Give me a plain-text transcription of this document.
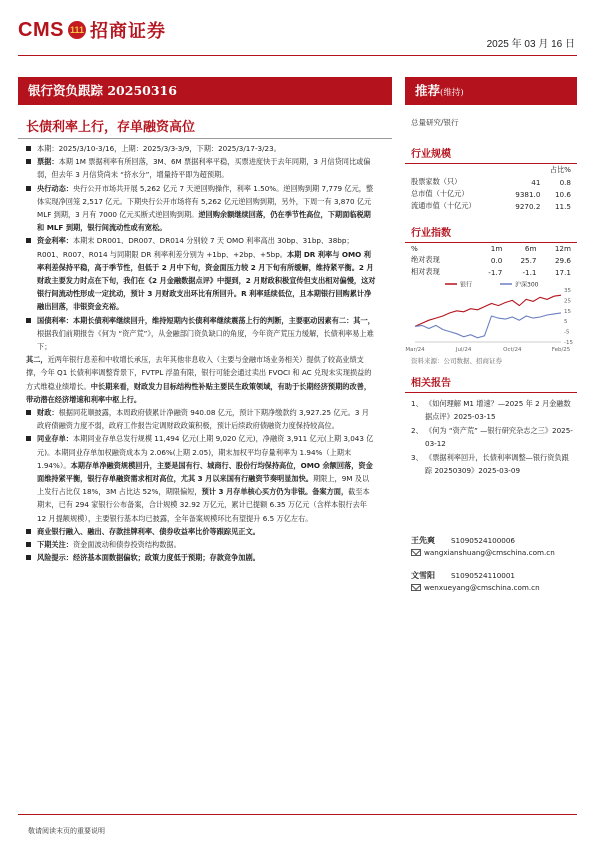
CMS 111 招商证券
2025 年 03 月 16 日
银行资负跟踪 20250316	推荐(维持)
长债利率上行，存单融资高位

本期：2025/3/10-3/16，上期：2025/3/3-3/9，下期：2025/3/17-3/23。

票据：本期 1M 票据利率有所回落，3M、6M 票据利率平稳，买票进度快于去年同期，3 月信贷同比或偏弱，但去年 3 月信贷尚未 “挤水分”，增量持平即为超预期。

央行动态：央行公开市场共开展 5,262 亿元 7 天逆回购操作，利率 1.50%。逆回购到期 7,779 亿元，整体实现净回笼 2,517 亿元。下期央行公开市场将有 5,262 亿元逆回购到期，另外，下周一有 3,870 亿元 MLF 到期，3 月有 7000 亿元买断式逆回购到期。逆回购余额继续回落，仍在季节性高位，下期面临税期和 MLF 到期，银行间流动性或有宽松。

资金利率：本期末 DR001、DR007、DR014 分别较 7 天 OMO 利率高出 30bp、31bp、38bp；R001、R007、R014 与同期限 DR 利率利差分别为 +1bp、+2bp、+5bp。本期 DR 利率与 OMO 利率利差保持平稳，高于季节性，但低于 2 月中下旬，资金面压力较 2 月下旬有所缓解，维持紧平衡。2 月财政主要发力时点在下旬，我们在《2 月金融数据点评》中提到，2 月财政积极宣传但支出相对偏慢，这对银行间流动性形成一定扰动，预计 3 月财政支出环比有所回升。R 利率延续低位，且本期银行回购累计净融出回落，非银资金充裕。

国债利率：本期长债利率继续回升，维持短期内长债利率继续震荡上行的判断，主要驱动因素有二：其一，根据我们前期报告《何为 “资产荒”》，从金融部门资负缺口的角度，今年资产荒压力缓解，长债利率易上难下；

其二，近两年银行息差和中收增长承压，去年其他非息收入（主要与金融市场业务相关）提供了较高业绩支撑，今年 Q1 长债利率调整背景下，FVTPL 浮盈有限，银行可能会通过卖出 FVOCI 和 AC 兑现未实现损益的方式维稳业绩增长。中长期来看，财政发力目标结构性补贴主要民生政策领域，有助于长期经济预期的改善，带动潜在经济增速和利率中枢上行。

财政：根据同花顺披露，本周政府债累计净融资 940.08 亿元，预计下期净缴款约 3,927.25 亿元。3 月政府债融资力度不弱，政府工作报告定调财政政策积极，预计后续政府债融资力度保持较高位。

同业存单：本期同业存单总发行规模 11,494 亿元(上期 9,020 亿元)，净融资 3,911 亿元(上期 3,043 亿元)。本期同业存单加权融资成本为 2.06%(上期 2.05)，期末加权平均存量利率为 1.94%（上期末 1.94%）。本期存单净融资规模回升，主要是国有行、城商行、股份行均保持高位，OMO 余额回落，资金面维持紧平衡，银行存单融资需求相对高位，尤其 3 月以来国有行融资节奏明显加快。期限上，9M 及以上发行占比仅 18%，3M 占比达 52%，期限偏短，预计 3 月存单核心买方仍为非银。备案方面，截至本期末，已有 294 家银行公布备案，合计规模 32.92 万亿元，累计已提额 6.35 万亿元（含样本银行去年 12 月提额规模），主要银行基本均已披露，全年备案规模环比有望提升 6.5 万亿左右。

商业银行融入、融出、存款挂牌利率、债券收益率比价等跟踪见正文。

下期关注：资金面波动和债券投资结构数据。

风险提示：经济基本面数据偏软；政策力度低于预期；存款竞争加剧。

总量研究/银行
行业规模
		占比%
股票家数（只）	41	0.8
总市值（十亿元）	9381.0	10.6
流通市值（十亿元）	9270.2	11.5
行业指数
%	1m	6m	12m
绝对表现	0.0	25.7	29.6
相对表现	-1.7	-1.1	17.1
银行	沪深300
35
25
15
5
-5
-15
Mar/24	Jul/24	Oct/24	Feb/25
资料来源：公司数据、招商证券
相关报告
1、 《如何理解 M1 增速？—2025 年 2 月金融数据点评》2025-03-15
2、 《何为 “资产荒” —银行研究杂志之三》2025-03-12
3、 《票据利率回升，长债利率调整—银行资负跟踪 20250309》2025-03-09
王先爽 S1090524100006
wangxianshuang@cmschina.com.cn
文雪阳 S1090524110001
wenxueyang@cmschina.com.cn
敬请阅读末页的重要说明
